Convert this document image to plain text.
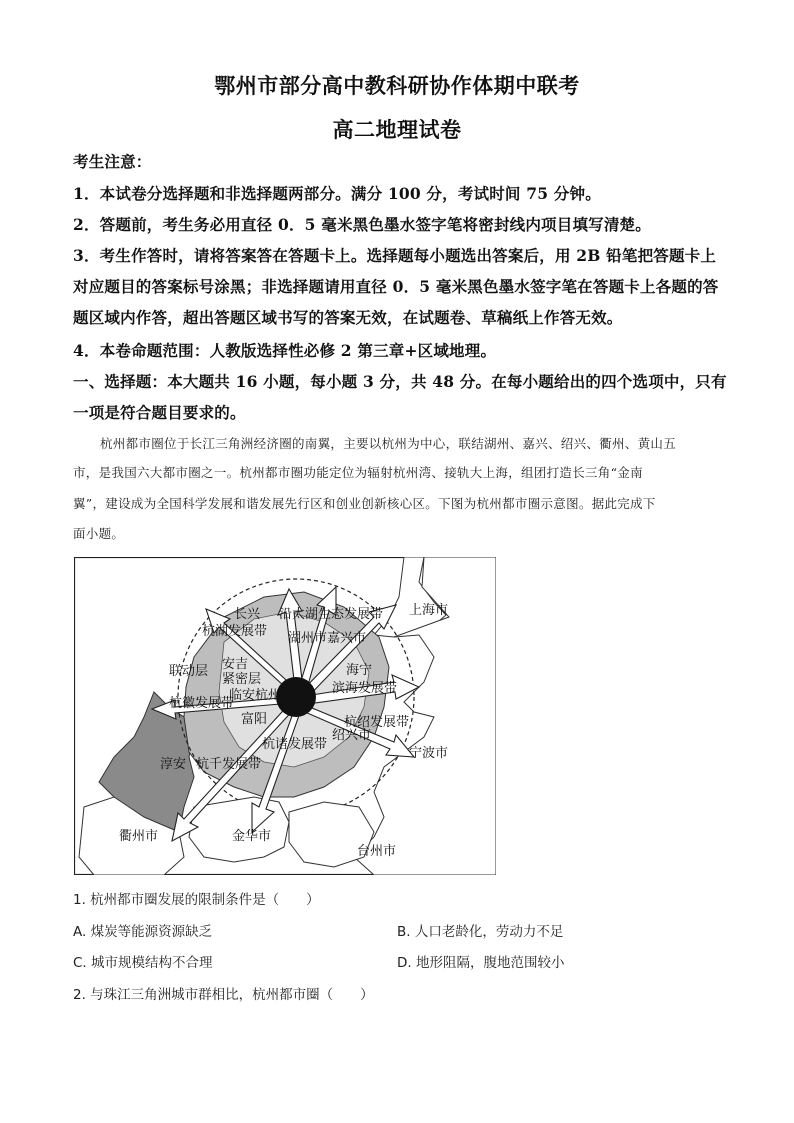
鄂州市部分高中教科研协作体期中联考
高二地理试卷
考生注意：
1．本试卷分选择题和非选择题两部分。满分 100 分，考试时间 75 分钟。
2．答题前，考生务必用直径 0．5 毫米黑色墨水签字笔将密封线内项目填写清楚。
3．考生作答时，请将答案答在答题卡上。选择题每小题选出答案后，用 2B 铅笔把答题卡上
对应题目的答案标号涂黑；非选择题请用直径 0．5 毫米黑色墨水签字笔在答题卡上各题的答
题区域内作答，超出答题区域书写的答案无效，在试题卷、草稿纸上作答无效。
4．本卷命题范围：人教版选择性必修 2 第三章+区域地理。
一、选择题：本大题共 16 小题，每小题 3 分，共 48 分。在每小题给出的四个选项中，只有
一项是符合题目要求的。
杭州都市圈位于长江三角洲经济圈的南翼，主要以杭州为中心，联结湖州、嘉兴、绍兴、衢州、黄山五
市，是我国六大都市圈之一。杭州都市圈功能定位为辐射杭州湾、接轨大上海，组团打造长三角“金南
翼”，建设成为全国科学发展和谐发展先行区和创业创新核心区。下图为杭州都市圈示意图。据此完成下
面小题。
上海市
长兴 沿太湖生态发展带
杭湖发展带 湖州市嘉兴市
安吉
联动层
紧密层
海宁
滨海发展带
临安杭州市
杭徽发展带
富阳	杭绍发展带
绍兴市
杭诸发展带
宁波市
淳安 杭千发展带
衢州市	金华市
台州市
1. 杭州都市圈发展的限制条件是（　　）
A. 煤炭等能源资源缺乏	B. 人口老龄化，劳动力不足
C. 城市规模结构不合理	D. 地形阻隔，腹地范围较小
2. 与珠江三角洲城市群相比，杭州都市圈（　　）
